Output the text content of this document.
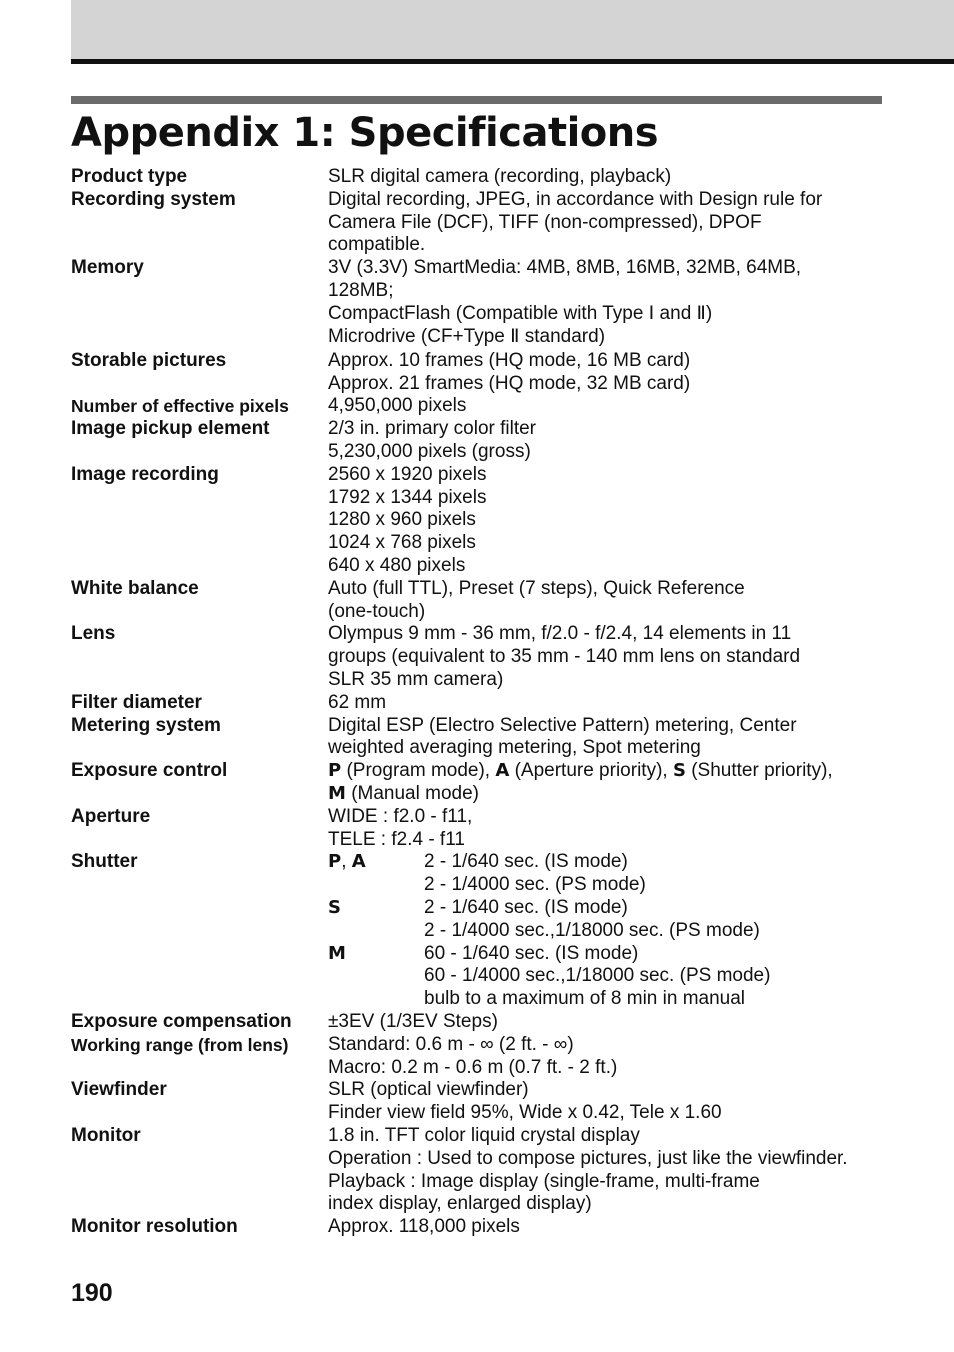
Appendix 1: Specifications
Product type	SLR digital camera (recording, playback)
Recording system	Digital recording, JPEG, in accordance with Design rule for
Camera File (DCF), TIFF (non-compressed), DPOF
compatible.
Memory	3V (3.3V) SmartMedia: 4MB, 8MB, 16MB, 32MB, 64MB,
128MB;
CompactFlash (Compatible with Type Ⅰ and Ⅱ)
Microdrive (CF+Type Ⅱ standard)
Storable pictures	Approx. 10 frames (HQ mode, 16 MB card)
Approx. 21 frames (HQ mode, 32 MB card)
Number of effective pixels	4,950,000 pixels
Image pickup element	2/3 in. primary color filter
5,230,000 pixels (gross)
Image recording	2560 x 1920 pixels
1792 x 1344 pixels
1280 x 960 pixels
1024 x 768 pixels
640 x 480 pixels
White balance	Auto (full TTL), Preset (7 steps), Quick Reference
(one-touch)
Lens	Olympus 9 mm - 36 mm, f/2.0 - f/2.4, 14 elements in 11
groups (equivalent to 35 mm - 140 mm lens on standard
SLR 35 mm camera)
Filter diameter	62 mm
Metering system	Digital ESP (Electro Selective Pattern) metering, Center
weighted averaging metering, Spot metering
Exposure control	P (Program mode), A (Aperture priority), S (Shutter priority),
M (Manual mode)
Aperture	WIDE : f2.0 - f11,
TELE : f2.4 - f11
Shutter	P, A	2 - 1/640 sec. (IS mode)
2 - 1/4000 sec. (PS mode)
S	2 - 1/640 sec. (IS mode)
2 - 1/4000 sec.,1/18000 sec. (PS mode)
M	60 - 1/640 sec. (IS mode)
60 - 1/4000 sec.,1/18000 sec. (PS mode)
bulb to a maximum of 8 min in manual
Exposure compensation	±3EV (1/3EV Steps)
Working range (from lens)	Standard: 0.6 m - ∞ (2 ft. - ∞)
Macro: 0.2 m - 0.6 m (0.7 ft. - 2 ft.)
Viewfinder	SLR (optical viewfinder)
Finder view field 95%, Wide x 0.42, Tele x 1.60
Monitor	1.8 in. TFT color liquid crystal display
Operation : Used to compose pictures, just like the viewfinder.
Playback : Image display (single-frame, multi-frame
index display, enlarged display)
Monitor resolution	Approx. 118,000 pixels
190
